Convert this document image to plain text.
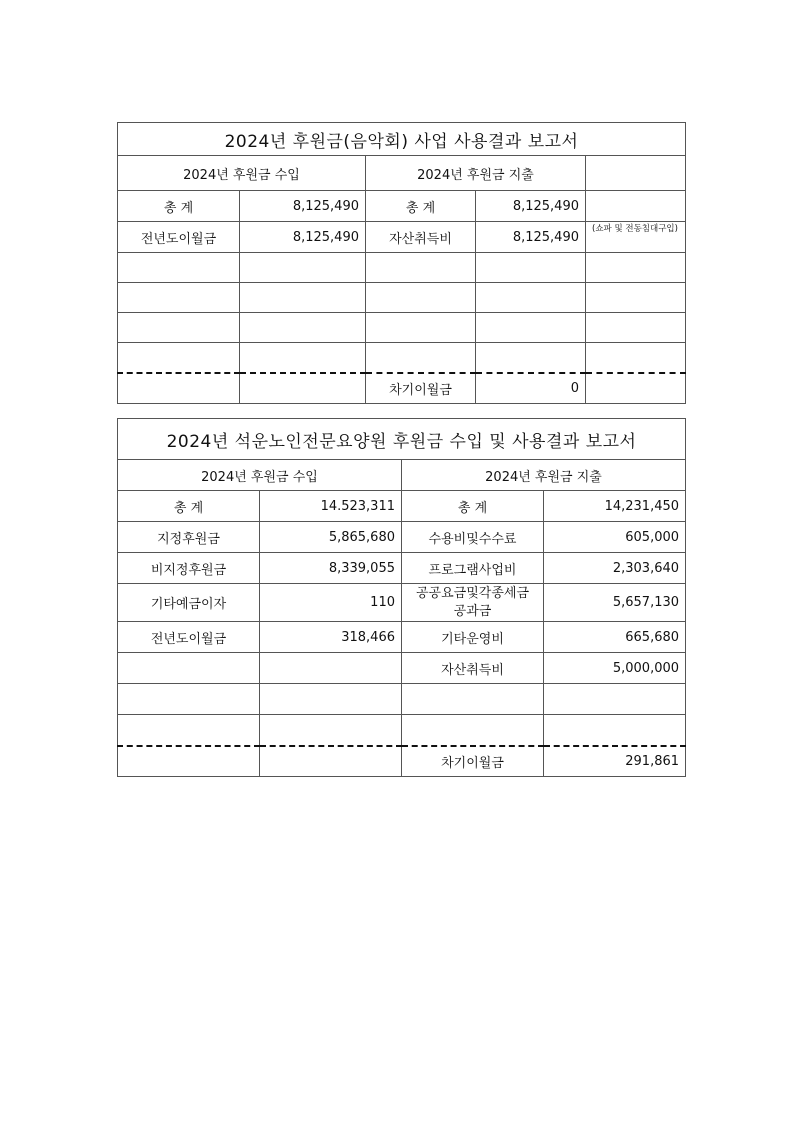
2024년 후원금(음악회) 사업 사용결과 보고서				
2024년 후원금 수입		2024년 후원금 지출		
총 계	8,125,490	총 계	8,125,490	
전년도이월금	8,125,490	자산취득비	8,125,490	(쇼파 및 전동침대구입)

		차기이월금	0	
2024년 석운노인전문요양원 후원금 수입 및 사용결과 보고서			
2024년 후원금 수입		2024년 후원금 지출	
총 계	14.523,311	총 계	14,231,450
지정후원금	5,865,680	수용비및수수료	605,000
비지정후원금	8,339,055	프로그램사업비	2,303,640
기타예금이자	110	공공요금및각종세금 공과금	5,657,130
전년도이월금	318,466	기타운영비	665,680
		자산취득비	5,000,000

		차기이월금	291,861
